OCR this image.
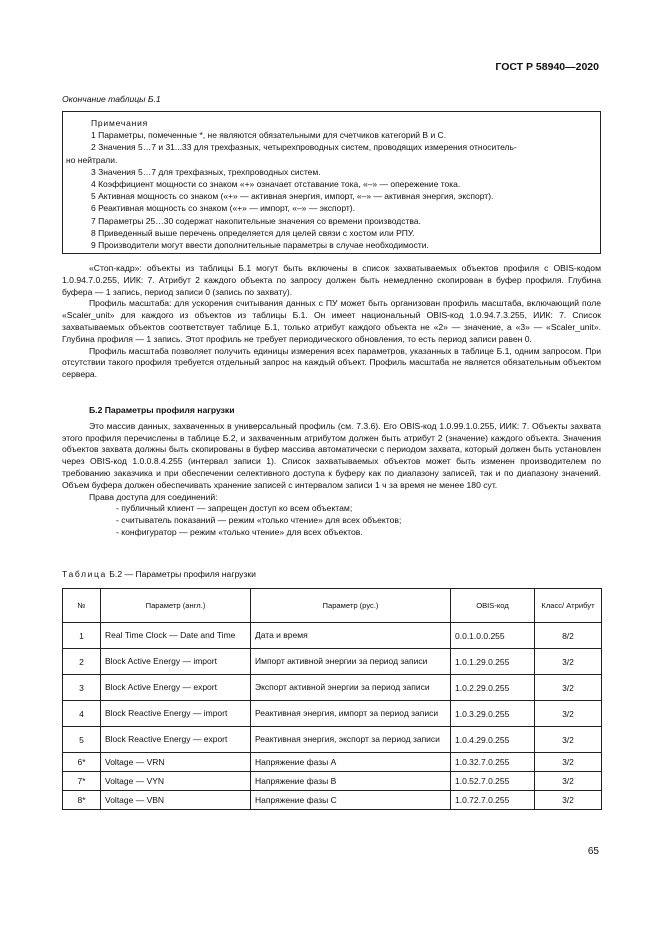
ГОСТ Р 58940—2020
Окончание таблицы Б.1
Примечания
1 Параметры, помеченные *, не являются обязательными для счетчиков категорий В и С.
2 Значения 5…7 и 31...33 для трехфазных, четырехпроводных систем, проводящих измерения относитель-
но нейтрали.
3 Значения 5…7 для трехфазных, трехпроводных систем.
4 Коэффициент мощности со знаком «+» означает отставание тока, «–» — опережение тока.
5 Активная мощность со знаком («+» — активная энергия, импорт, «–» — активная энергия, экспорт).
6 Реактивная мощность со знаком («+» — импорт, «–» — экспорт).
7 Параметры 25…30 содержат накопительные значения со времени производства.
8 Приведенный выше перечень определяется для целей связи с хостом или РПУ.
9 Производители могут ввести дополнительные параметры в случае необходимости.

«Стоп-кадр»: объекты из таблицы Б.1 могут быть включены в список захватываемых объектов профиля с OBIS-кодом 1.0.94.7.0.255, ИИК: 7. Атрибут 2 каждого объекта по запросу должен быть немедленно скопирован в буфер профиля. Глубина буфера — 1 запись, период записи 0 (запись по захвату).

Профиль масштаба: для ускорения считывания данных с ПУ может быть организован профиль масштаба, включающий поле «Scaler_unit» для каждого из объектов из таблицы Б.1. Он имеет национальный OBIS-код 1.0.94.7.3.255, ИИК: 7. Список захватываемых объектов соответствует таблице Б.1, только атрибут каждого объекта не «2» — значение, а «3» — «Scaler_unit». Глубина профиля — 1 запись. Этот профиль не требует периодического обновления, то есть период записи равен 0.

Профиль масштаба позволяет получить единицы измерения всех параметров, указанных в таблице Б.1, одним запросом. При отсутствии такого профиля требуется отдельный запрос на каждый объект. Профиль масштаба не является обязательным объектом сервера.

Б.2 Параметры профиля нагрузки

Это массив данных, захваченных в универсальный профиль (см. 7.3.6). Его OBIS-код 1.0.99.1.0.255, ИИК: 7. Объекты захвата этого профиля перечислены в таблице Б.2, и захваченным атрибутом должен быть атрибут 2 (значение) каждого объекта. Значения объектов захвата должны быть скопированы в буфер массива автоматически с периодом захвата, который должен быть установлен через OBIS-код 1.0.0.8.4.255 (интервал записи 1). Список захватываемых объектов может быть изменен производителем по требованию заказчика и при обеспечении селективного доступа к буферу как по диапазону записей, так и по диапазону значений. Объем буфера должен обеспечивать хранение записей с интервалом записи 1 ч за время не менее 180 сут.

Права доступа для соединений:

- публичный клиент — запрещен доступ ко всем объектам;

- считыватель показаний — режим «только чтение» для всех объектов;

- конфигуратор — режим «только чтение» для всех объектов.

Таблица Б.2 — Параметры профиля нагрузки
№	Параметр (англ.)	Параметр (рус.)	OBIS-код	Класс/ Атрибут
1	Real Time Clock — Date and Time	Дата и время	0.0.1.0.0.255	8/2
2	Block Active Energy — import	Импорт активной энергии за период записи	1.0.1.29.0.255	3/2
3	Block Active Energy — export	Экспорт активной энергии за период записи	1.0.2.29.0.255	3/2
4	Block Reactive Energy — import	Реактивная энергия, импорт за период записи	1.0.3.29.0.255	3/2
5	Block Reactive Energy — export	Реактивная энергия, экспорт за период записи	1.0.4.29.0.255	3/2
6*	Voltage — VRN	Напряжение фазы А	1.0.32.7.0.255	3/2
7*	Voltage — VYN	Напряжение фазы В	1.0.52.7.0.255	3/2
8*	Voltage — VBN	Напряжение фазы С	1.0.72.7.0.255	3/2
65
